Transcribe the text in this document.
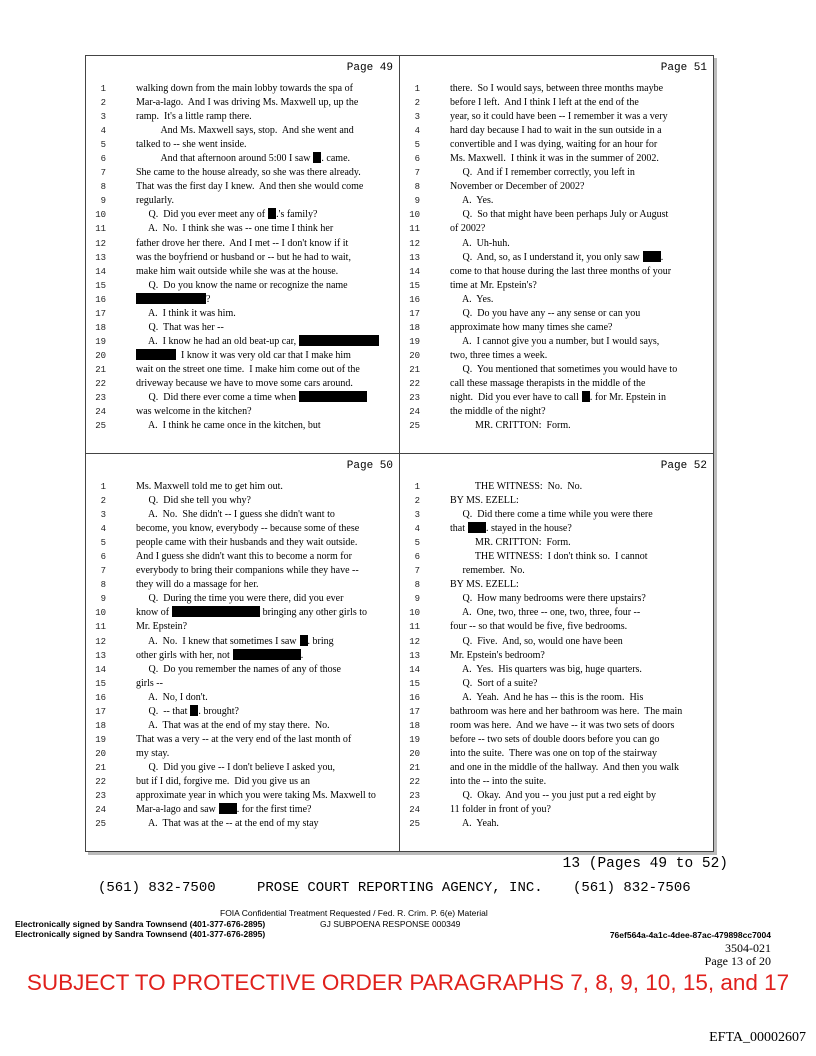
Page 49
1	walking down from the main lobby towards the spa of
2	Mar-a-lago.  And I was driving Ms. Maxwell up, up the
3	ramp.  It's a little ramp there.
4	And Ms. Maxwell says, stop.  And she went and
5	talked to -- she went inside.
6	And that afternoon around 5:00 I saw . came.
7	She came to the house already, so she was there already.
8	That was the first day I knew.  And then she would come
9	regularly.
10	Q.  Did you ever meet any of .'s family?
11	A.  No.  I think she was -- one time I think her
12	father drove her there.  And I met -- I don't know if it
13	was the boyfriend or husband or -- but he had to wait,
14	make him wait outside while she was at the house.
15	Q.  Do you know the name or recognize the name
16	?
17	A.  I think it was him.
18	Q.  That was her --
19	A.  I know he had an old beat-up car,
20	I know it was very old car that I make him
21	wait on the street one time.  I make him come out of the
22	driveway because we have to move some cars around.
23	Q.  Did there ever come a time when
24	was welcome in the kitchen?
25	A.  I think he came once in the kitchen, but
Page 51
1	there.  So I would says, between three months maybe
2	before I left.  And I think I left at the end of the
3	year, so it could have been -- I remember it was a very
4	hard day because I had to wait in the sun outside in a
5	convertible and I was dying, waiting for an hour for
6	Ms. Maxwell.  I think it was in the summer of 2002.
7	Q.  And if I remember correctly, you left in
8	November or December of 2002?
9	A.  Yes.
10	Q.  So that might have been perhaps July or August
11	of 2002?
12	A.  Uh-huh.
13	Q.  And, so, as I understand it, you only saw .
14	come to that house during the last three months of your
15	time at Mr. Epstein's?
16	A.  Yes.
17	Q.  Do you have any -- any sense or can you
18	approximate how many times she came?
19	A.  I cannot give you a number, but I would says,
20	two, three times a week.
21	Q.  You mentioned that sometimes you would have to
22	call these massage therapists in the middle of the
23	night.  Did you ever have to call . for Mr. Epstein in
24	the middle of the night?
25	MR. CRITTON:  Form.
Page 50
1	Ms. Maxwell told me to get him out.
2	Q.  Did she tell you why?
3	A.  No.  She didn't -- I guess she didn't want to
4	become, you know, everybody -- because some of these
5	people came with their husbands and they wait outside.
6	And I guess she didn't want this to become a norm for
7	everybody to bring their companions while they have --
8	they will do a massage for her.
9	Q.  During the time you were there, did you ever
10	know of	bringing any other girls to
11	Mr. Epstein?
12	A.  No.  I knew that sometimes I saw . bring
13	other girls with her, not	.
14	Q.  Do you remember the names of any of those
15	girls --
16	A.  No, I don't.
17	Q.  -- that . brought?
18	A.  That was at the end of my stay there.  No.
19	That was a very -- at the very end of the last month of
20	my stay.
21	Q.  Did you give -- I don't believe I asked you,
22	but if I did, forgive me.  Did you give us an
23	approximate year in which you were taking Ms. Maxwell to
24	Mar-a-lago and saw . for the first time?
25	A.  That was at the -- at the end of my stay
Page 52
1	THE WITNESS:  No.  No.
2	BY MS. EZELL:
3	Q.  Did there come a time while you were there
4	that . stayed in the house?
5	MR. CRITTON:  Form.
6	THE WITNESS:  I don't think so.  I cannot
7	remember.  No.
8	BY MS. EZELL:
9	Q.  How many bedrooms were there upstairs?
10	A.  One, two, three -- one, two, three, four --
11	four -- so that would be five, five bedrooms.
12	Q.  Five.  And, so, would one have been
13	Mr. Epstein's bedroom?
14	A.  Yes.  His quarters was big, huge quarters.
15	Q.  Sort of a suite?
16	A.  Yeah.  And he has -- this is the room.  His
17	bathroom was here and her bathroom was here.  The main
18	room was here.  And we have -- it was two sets of doors
19	before -- two sets of double doors before you can go
20	into the suite.  There was one on top of the stairway
21	and one in the middle of the hallway.  And then you walk
22	into the -- into the suite.
23	Q.  Okay.  And you -- you just put a red eight by
24	11 folder in front of you?
25	A.  Yeah.
13 (Pages 49 to 52)
(561) 832-7500	PROSE COURT REPORTING AGENCY, INC. (561) 832-7506
FOIA Confidential Treatment Requested / Fed. R. Crim. P. 6(e) Material
Electronically signed by Sandra Townsend (401-377-676-2895)	GJ SUBPOENA RESPONSE 000349
Electronically signed by Sandra Townsend (401-377-676-2895)	76ef564a-4a1c-4dee-87ac-479898cc7004
3504-021
Page 13 of 20
SUBJECT TO PROTECTIVE ORDER PARAGRAPHS 7, 8, 9, 10, 15, and 17
EFTA_00002607
